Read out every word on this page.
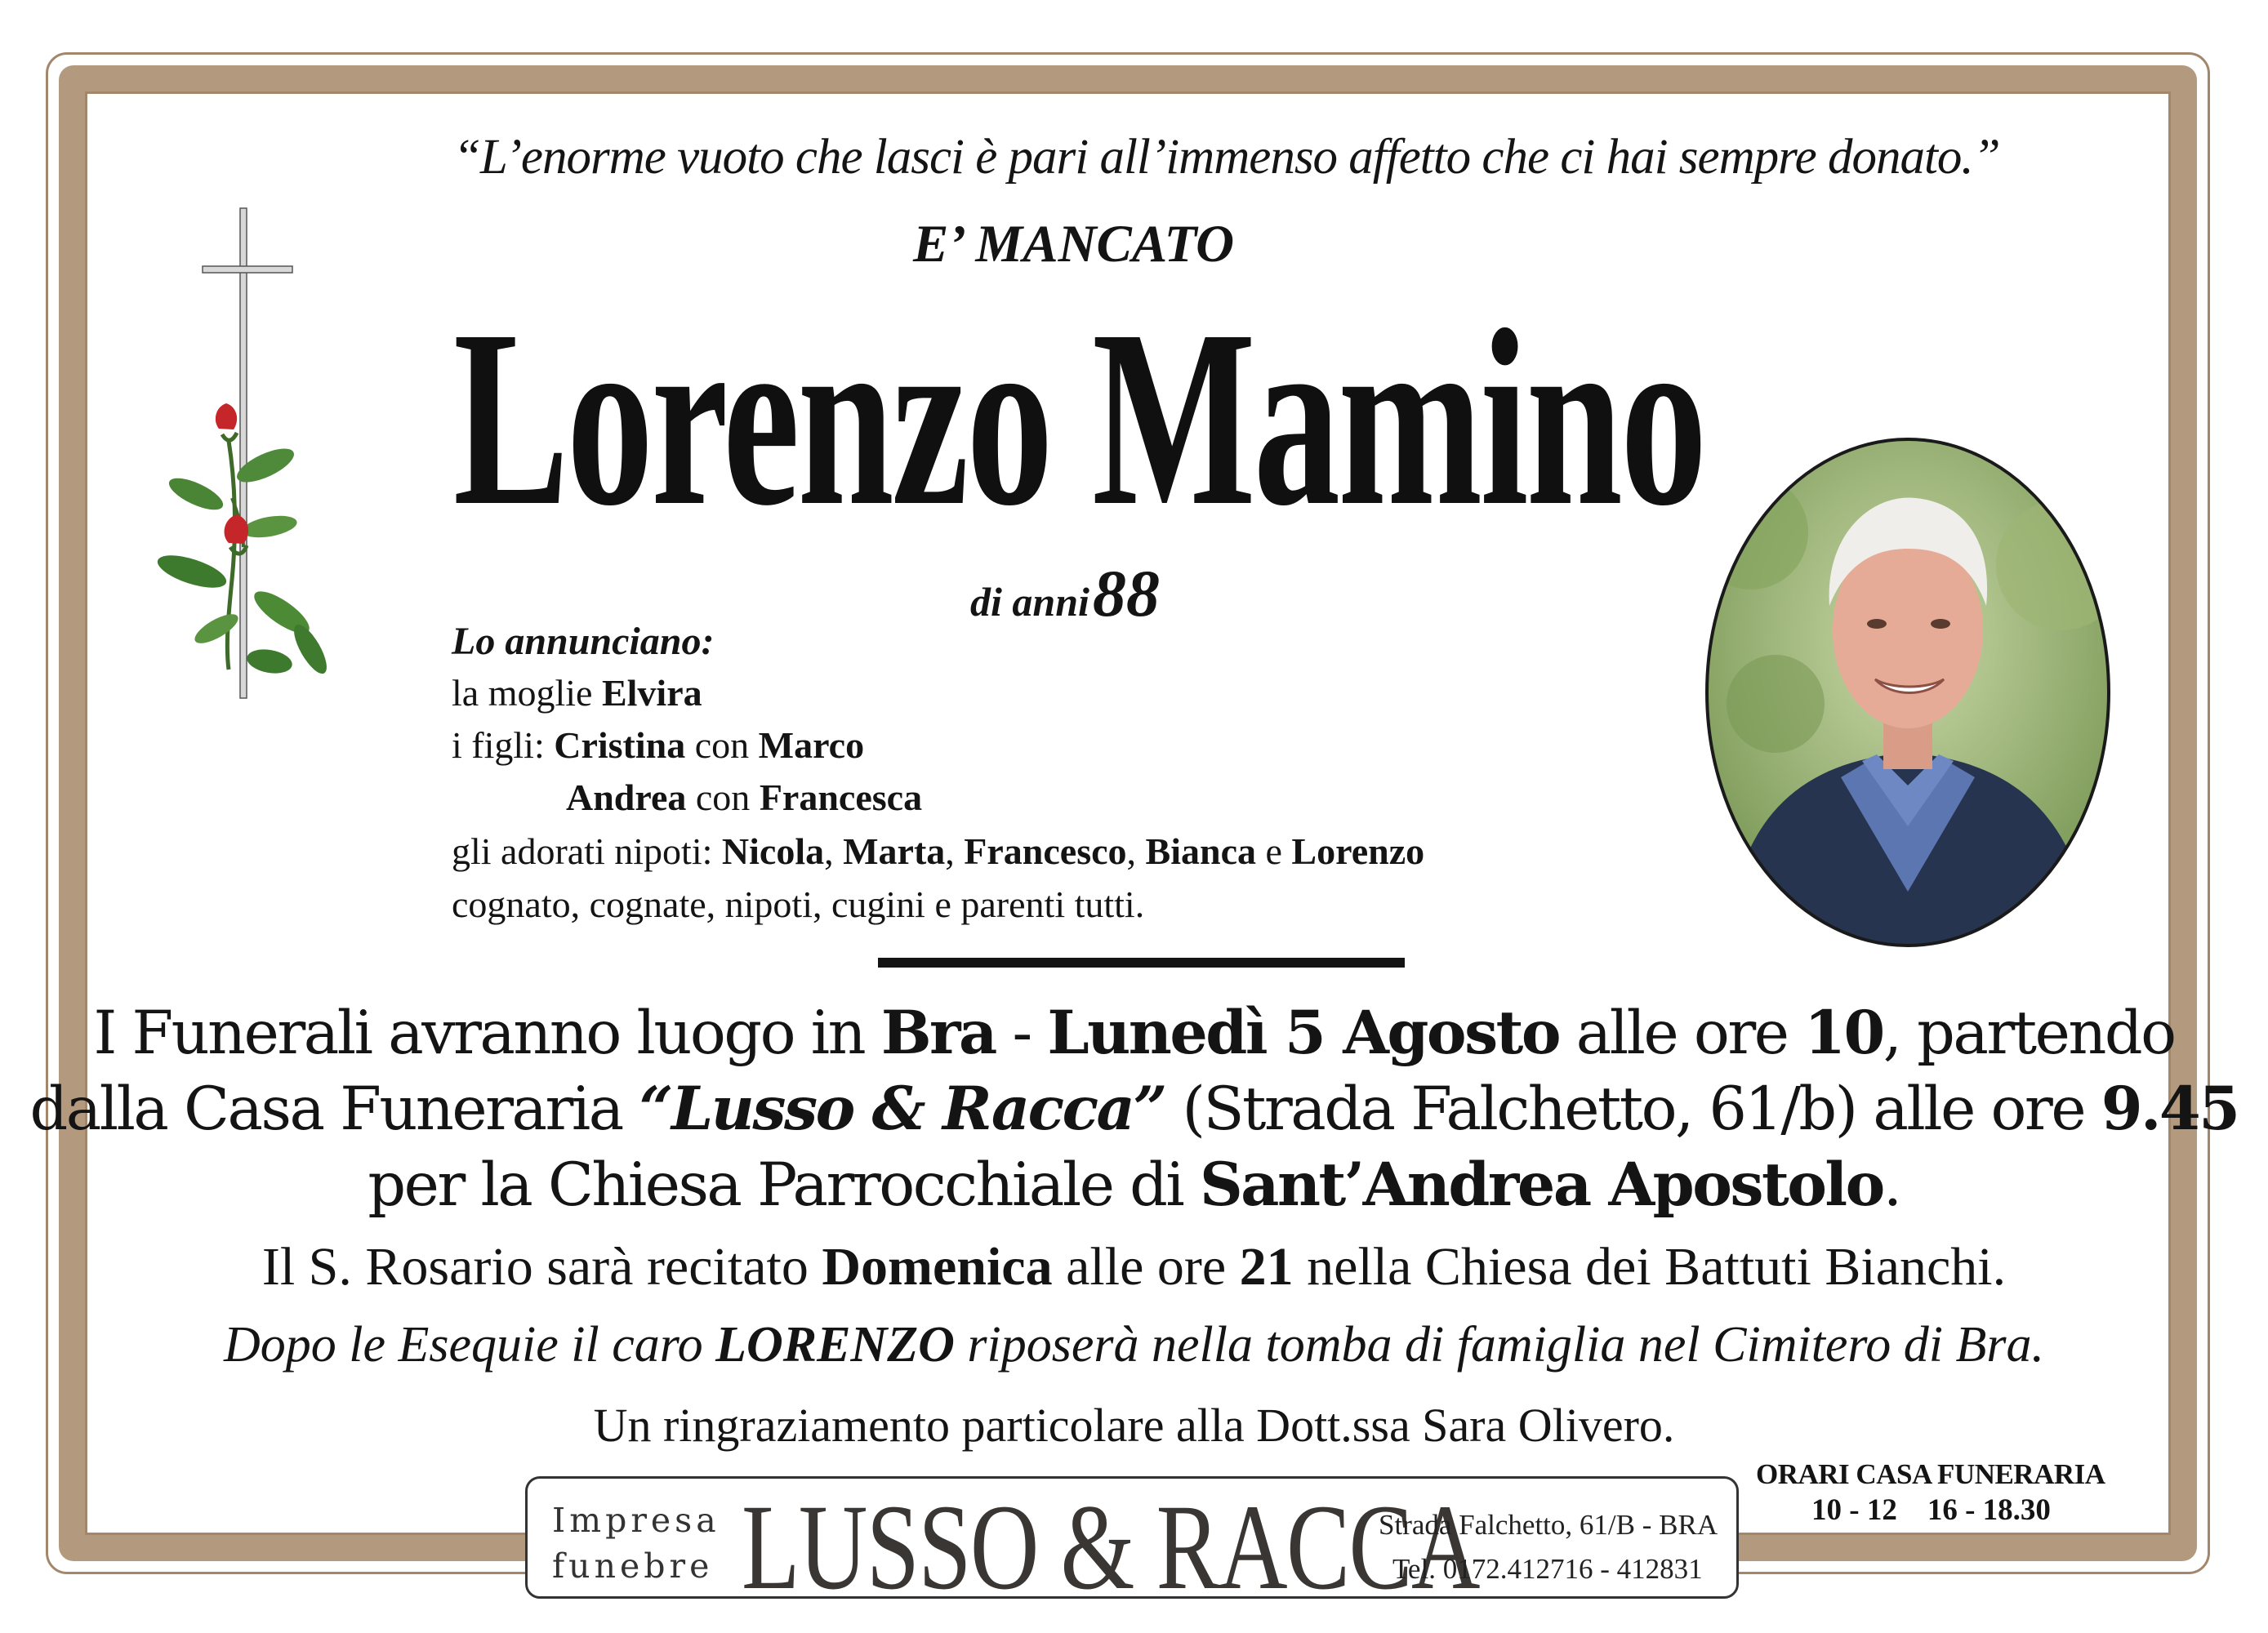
“L’enorme vuoto che lasci è pari all’immenso affetto che ci hai sempre donato.”

E’ MANCATO

Lorenzo Mamino

di anni 88

Lo annunciano:

la moglie Elvira

i figli: Cristina con Marco

Andrea con Francesca

gli adorati nipoti: Nicola, Marta, Francesco, Bianca e Lorenzo

cognato, cognate, nipoti, cugini e parenti tutti.

I Funerali avranno luogo in Bra - Lunedì 5 Agosto alle ore 10, partendo

dalla Casa Funeraria “Lusso & Racca” (Strada Falchetto, 61/b) alle ore 9.45

per la Chiesa Parrocchiale di Sant’Andrea Apostolo.

Il S. Rosario sarà recitato Domenica alle ore 21 nella Chiesa dei Battuti Bianchi.

Dopo le Esequie il caro LORENZO riposerà nella tomba di famiglia nel Cimitero di Bra.

Un ringraziamento particolare alla Dott.ssa Sara Olivero.

Impresa

funebre LUSSO & RACCA

Strada Falchetto, 61/B - BRA

Tel. 0172.412716 - 412831

ORARI CASA FUNERARIA

10 - 12    16 - 18.30
